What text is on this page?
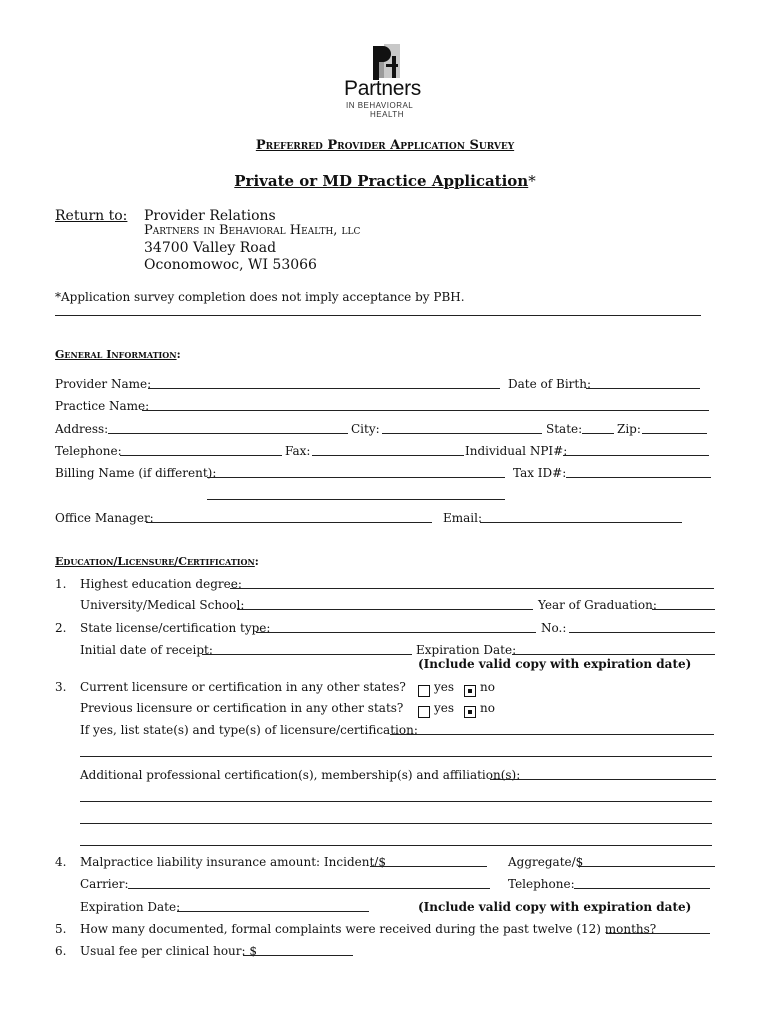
Partners
IN BEHAVIORAL
HEALTH
Preferred Provider Application Survey
Private or MD Practice Application*
Return to: Provider Relations
Partners in Behavioral Health, llc
34700 Valley Road
Oconomowoc, WI 53066
*Application survey completion does not imply acceptance by PBH.
General Information:
Provider Name:	Date of Birth:
Practice Name:
Address:	City:	State:	Zip:
Telephone:	Fax:	Individual NPI#:
Billing Name (if different):	Tax ID#:
Office Manager:	Email:
Education/Licensure/Certification:
1. Highest education degree:
University/Medical School:	Year of Graduation:
2. State license/certification type:	No.:
Initial date of receipt:	Expiration Date:
(Include valid copy with expiration date)
3. Current licensure or certification in any other states? yes no
Previous licensure or certification in any other stats?	yes no
If yes, list state(s) and type(s) of licensure/certification:
Additional professional certification(s), membership(s) and affiliation(s):
4. Malpractice liability insurance amount: Incident/$	Aggregate/$
Carrier:	Telephone:
Expiration Date:	(Include valid copy with expiration date)
5. How many documented, formal complaints were received during the past twelve (12) months?
6. Usual fee per clinical hour: $
